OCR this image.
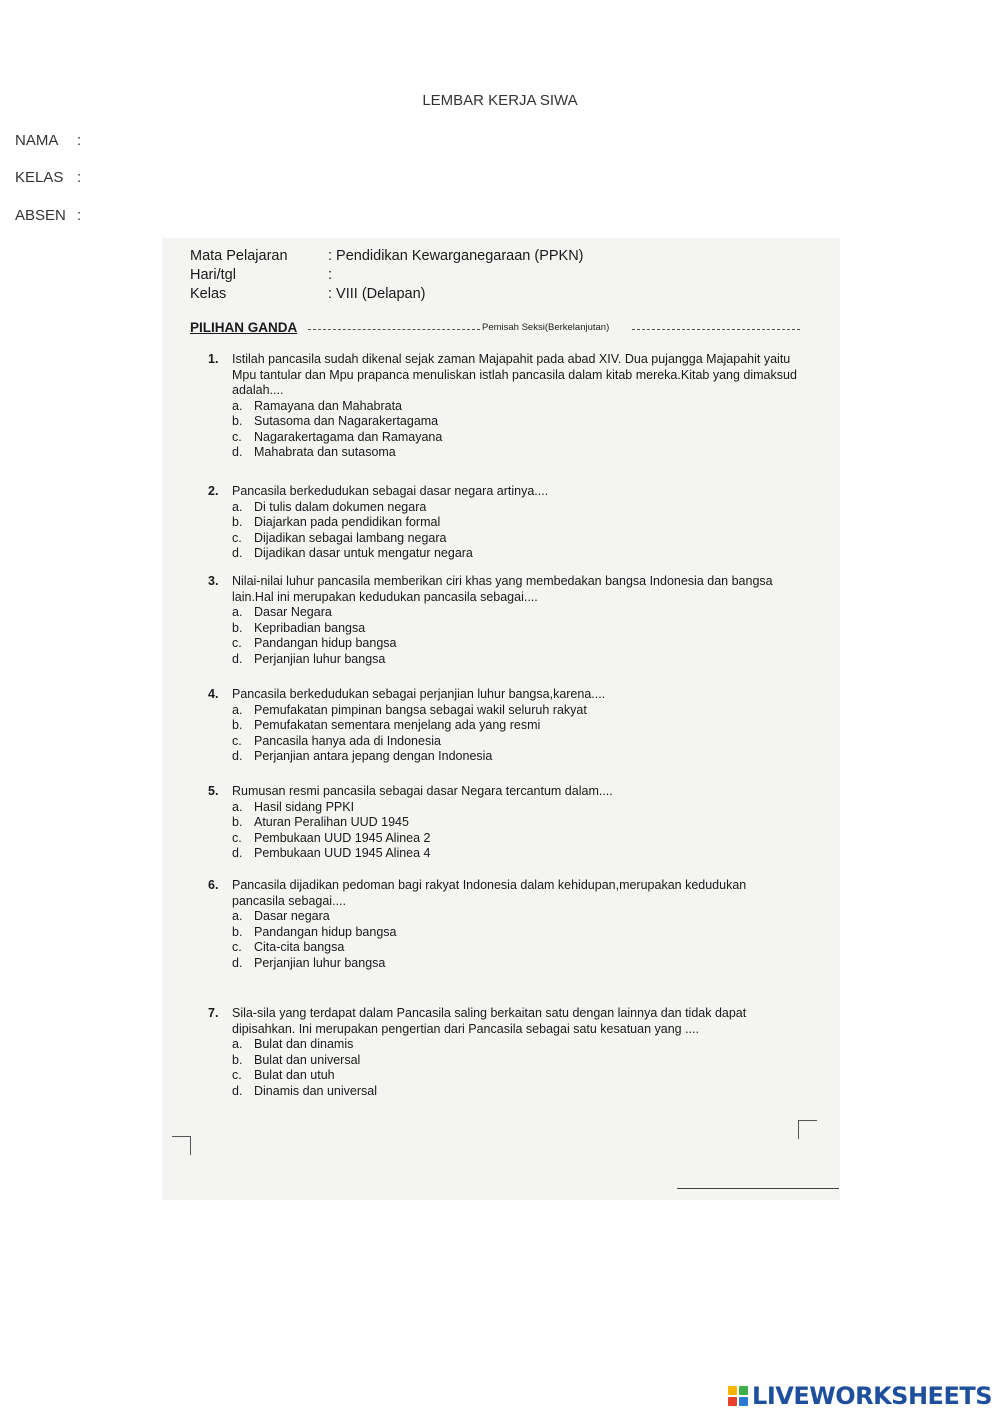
LEMBAR KERJA SIWA
NAMA :
KELAS :
ABSEN :
Mata Pelajaran	: Pendidikan Kewarganegaraan (PPKN)
Hari/tgl	:
Kelas	: VIII (Delapan)
PILIHAN GANDA	Pemisah Seksi(Berkelanjutan)
1. Istilah pancasila sudah dikenal sejak zaman Majapahit pada abad XIV. Dua pujangga Majapahit yaitu Mpu tantular dan Mpu prapanca menuliskan istlah pancasila dalam kitab mereka.Kitab yang dimaksud adalah....
a. Ramayana dan Mahabrata
b. Sutasoma dan Nagarakertagama
c. Nagarakertagama dan Ramayana
d. Mahabrata dan sutasoma
2. Pancasila berkedudukan sebagai dasar negara artinya....
a. Di tulis dalam dokumen negara
b. Diajarkan pada pendidikan formal
c. Dijadikan sebagai lambang negara
d. Dijadikan dasar untuk mengatur negara
3. Nilai-nilai luhur pancasila memberikan ciri khas yang membedakan bangsa Indonesia dan bangsa lain.Hal ini merupakan kedudukan pancasila sebagai....
a. Dasar Negara
b. Kepribadian bangsa
c. Pandangan hidup bangsa
d. Perjanjian luhur bangsa
4. Pancasila berkedudukan sebagai perjanjian luhur bangsa,karena....
a. Pemufakatan pimpinan bangsa sebagai wakil seluruh rakyat
b. Pemufakatan sementara menjelang ada yang resmi
c. Pancasila hanya ada di Indonesia
d. Perjanjian antara jepang dengan Indonesia
5. Rumusan resmi pancasila sebagai dasar Negara tercantum dalam....
a. Hasil sidang PPKI
b. Aturan Peralihan UUD 1945
c. Pembukaan UUD 1945 Alinea 2
d. Pembukaan UUD 1945 Alinea 4
6. Pancasila dijadikan pedoman bagi rakyat Indonesia dalam kehidupan,merupakan kedudukan pancasila sebagai....
a. Dasar negara
b. Pandangan hidup bangsa
c. Cita-cita bangsa
d. Perjanjian luhur bangsa
7. Sila-sila yang terdapat dalam Pancasila saling berkaitan satu dengan lainnya dan tidak dapat dipisahkan. Ini merupakan pengertian dari Pancasila sebagai satu kesatuan yang ....
a. Bulat dan dinamis
b. Bulat dan universal
c. Bulat dan utuh
d. Dinamis dan universal
LIVEWORKSHEETS
